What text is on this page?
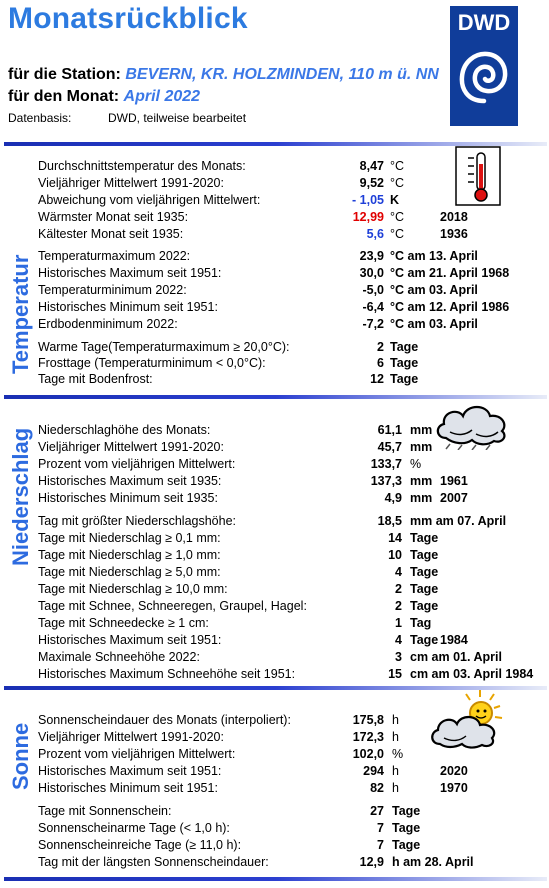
Monatsrückblick
für die Station: BEVERN, KR. HOLZMINDEN, 110 m ü. NN
für den Monat: April 2022
Datenbasis:	DWD, teilweise bearbeitet
DWD
Temperatur
Durchschnittstemperatur des Monats:	8,47 °C
Vieljähriger Mittelwert 1991-2020:	9,52 °C
Abweichung vom vieljährigen Mittelwert:	- 1,05 K
Wärmster Monat seit 1935:	12,99 °C	2018
Kältester Monat seit 1935:	5,6 °C	1936
Temperaturmaximum 2022:	23,9 °C am 13. April
Historisches Maximum seit 1951:	30,0 °C am 21. April 1968
Temperaturminimum 2022:	-5,0 °C am 03. April
Historisches Minimum seit 1951:	-6,4 °C am 12. April 1986
Erdbodenminimum 2022:	-7,2 °C am 03. April
Warme Tage(Temperaturmaximum ≥ 20,0°C):	2 Tage
Frosttage (Temperaturminimum < 0,0°C):	6 Tage
Tage mit Bodenfrost:	12 Tage
Niederschlag Niederschlaghöhe des Monats:	61,1 mm
Vieljähriger Mittelwert 1991-2020:	45,7 mm
Prozent vom vieljährigen Mittelwert:	133,7 %
Historisches Maximum seit 1935:	137,3 mm 1961
Historisches Minimum seit 1935:	4,9 mm 2007
Tag mit größter Niederschlagshöhe:	18,5 mm am 07. April
Tage mit Niederschlag ≥ 0,1 mm:	14 Tage
Tage mit Niederschlag ≥ 1,0 mm:	10 Tage
Tage mit Niederschlag ≥ 5,0 mm:	4 Tage
Tage mit Niederschlag ≥ 10,0 mm:	2 Tage
Tage mit Schnee, Schneeregen, Graupel, Hagel:	2 Tage
Tage mit Schneedecke ≥ 1 cm:	1 Tag
Historisches Maximum seit 1951:	4 Tage 1984
Maximale Schneehöhe 2022:	3 cm am 01. April
Historisches Maximum Schneehöhe seit 1951:	15 cm am 03. April 1984
Sonne
Sonnenscheindauer des Monats (interpoliert):	175,8 h
Vieljähriger Mittelwert 1991-2020:	172,3 h
Prozent vom vieljährigen Mittelwert:	102,0 %
Historisches Maximum seit 1951:	294 h	2020
Historisches Minimum seit 1951:	82 h	1970
Tage mit Sonnenschein:	27 Tage
Sonnenscheinarme Tage (< 1,0 h):	7 Tage
Sonnenscheinreiche Tage (≥ 11,0 h):	7 Tage
Tag mit der längsten Sonnenscheindauer:	12,9 h am 28. April
